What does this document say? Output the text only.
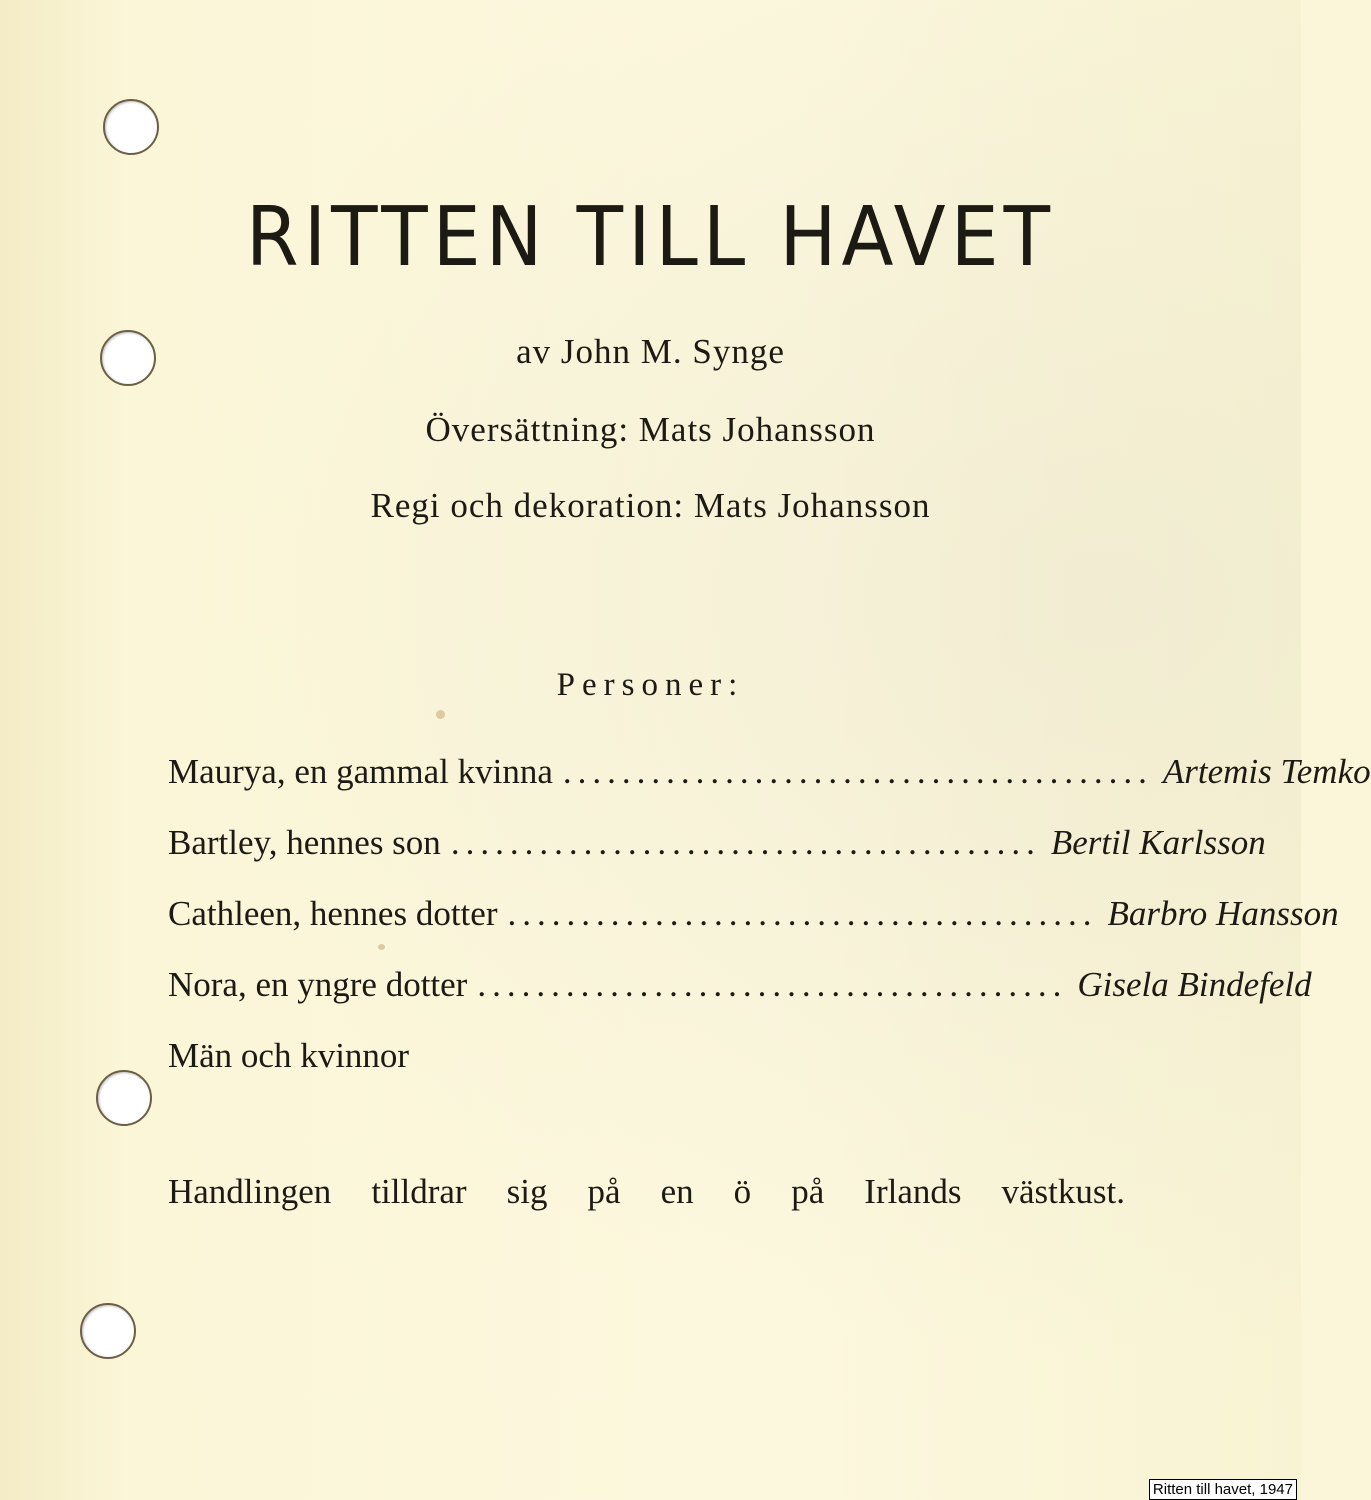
RITTEN TILL HAVET
av John M. Synge
Översättning: Mats Johansson
Regi och dekoration: Mats Johansson
Personer:
Maurya, en gammal kvinna ........................................ Artemis Temko
Bartley, hennes son ........................................ Bertil Karlsson
Cathleen, hennes dotter ........................................ Barbro Hansson
Nora, en yngre dotter ........................................ Gisela Bindefeld
Män och kvinnor
Handlingen tilldrar sig på en ö på Irlands västkust.
Ritten till havet, 1947
